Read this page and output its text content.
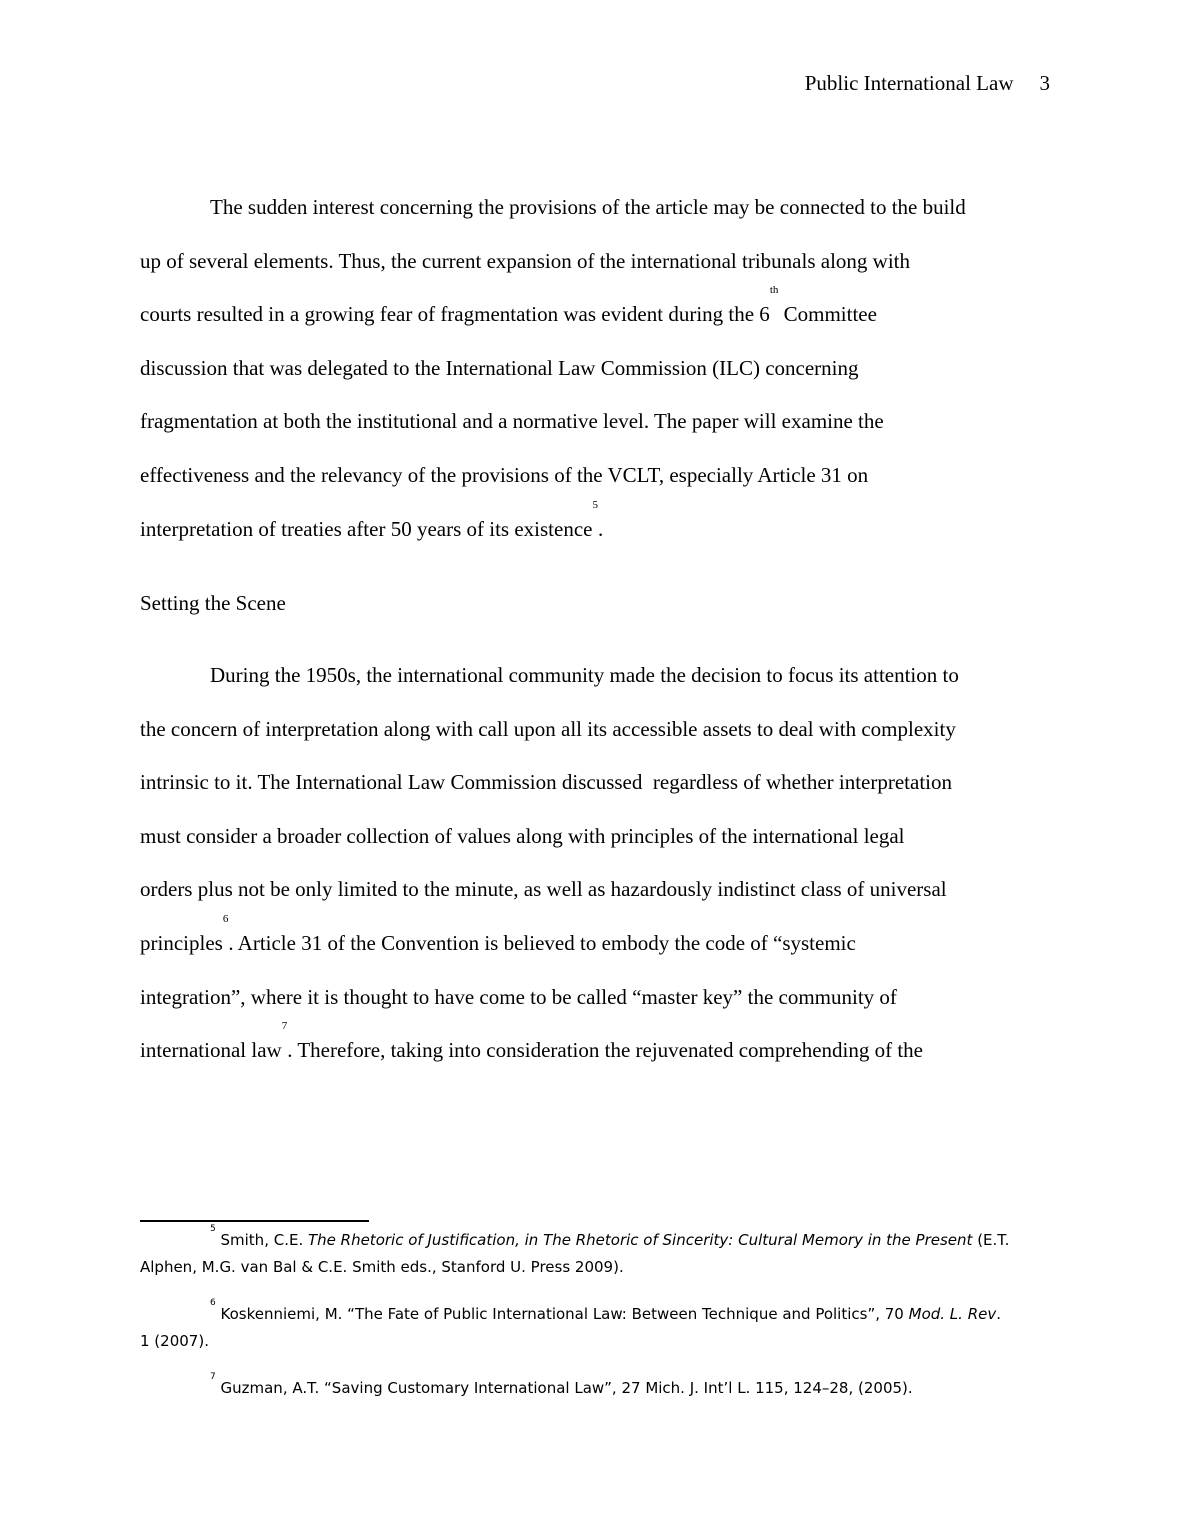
Public International Law 3
The sudden interest concerning the provisions of the article may be connected to the build
up of several elements. Thus, the current expansion of the international tribunals along with
courts resulted in a growing fear of fragmentation was evident during the 6th Committee
discussion that was delegated to the International Law Commission (ILC) concerning
fragmentation at both the institutional and a normative level. The paper will examine the
effectiveness and the relevancy of the provisions of the VCLT, especially Article 31 on
interpretation of treaties after 50 years of its existence$^5$.
Setting the Scene
During the 1950s, the international community made the decision to focus its attention to
the concern of interpretation along with call upon all its accessible assets to deal with complexity
intrinsic to it. The International Law Commission discussed  regardless of whether interpretation
must consider a broader collection of values along with principles of the international legal
orders plus not be only limited to the minute, as well as hazardously indistinct class of universal
principles$^6$. Article 31 of the Convention is believed to embody the code of “systemic
integration”, where it is thought to have come to be called “master key” the community of
international law$^7$. Therefore, taking into consideration the rejuvenated comprehending of the
$^5$ Smith, C.E. The Rhetoric of Justification, in The Rhetoric of Sincerity: Cultural Memory in the Present (E.T.
Alphen, M.G. van Bal & C.E. Smith eds., Stanford U. Press 2009).
$^6$ Koskenniemi, M. “The Fate of Public International Law: Between Technique and Politics”, 70 Mod. L. Rev.
1 (2007).
$^7$ Guzman, A.T. “Saving Customary International Law”, 27 Mich. J. Int’l L. 115, 124–28, (2005).
